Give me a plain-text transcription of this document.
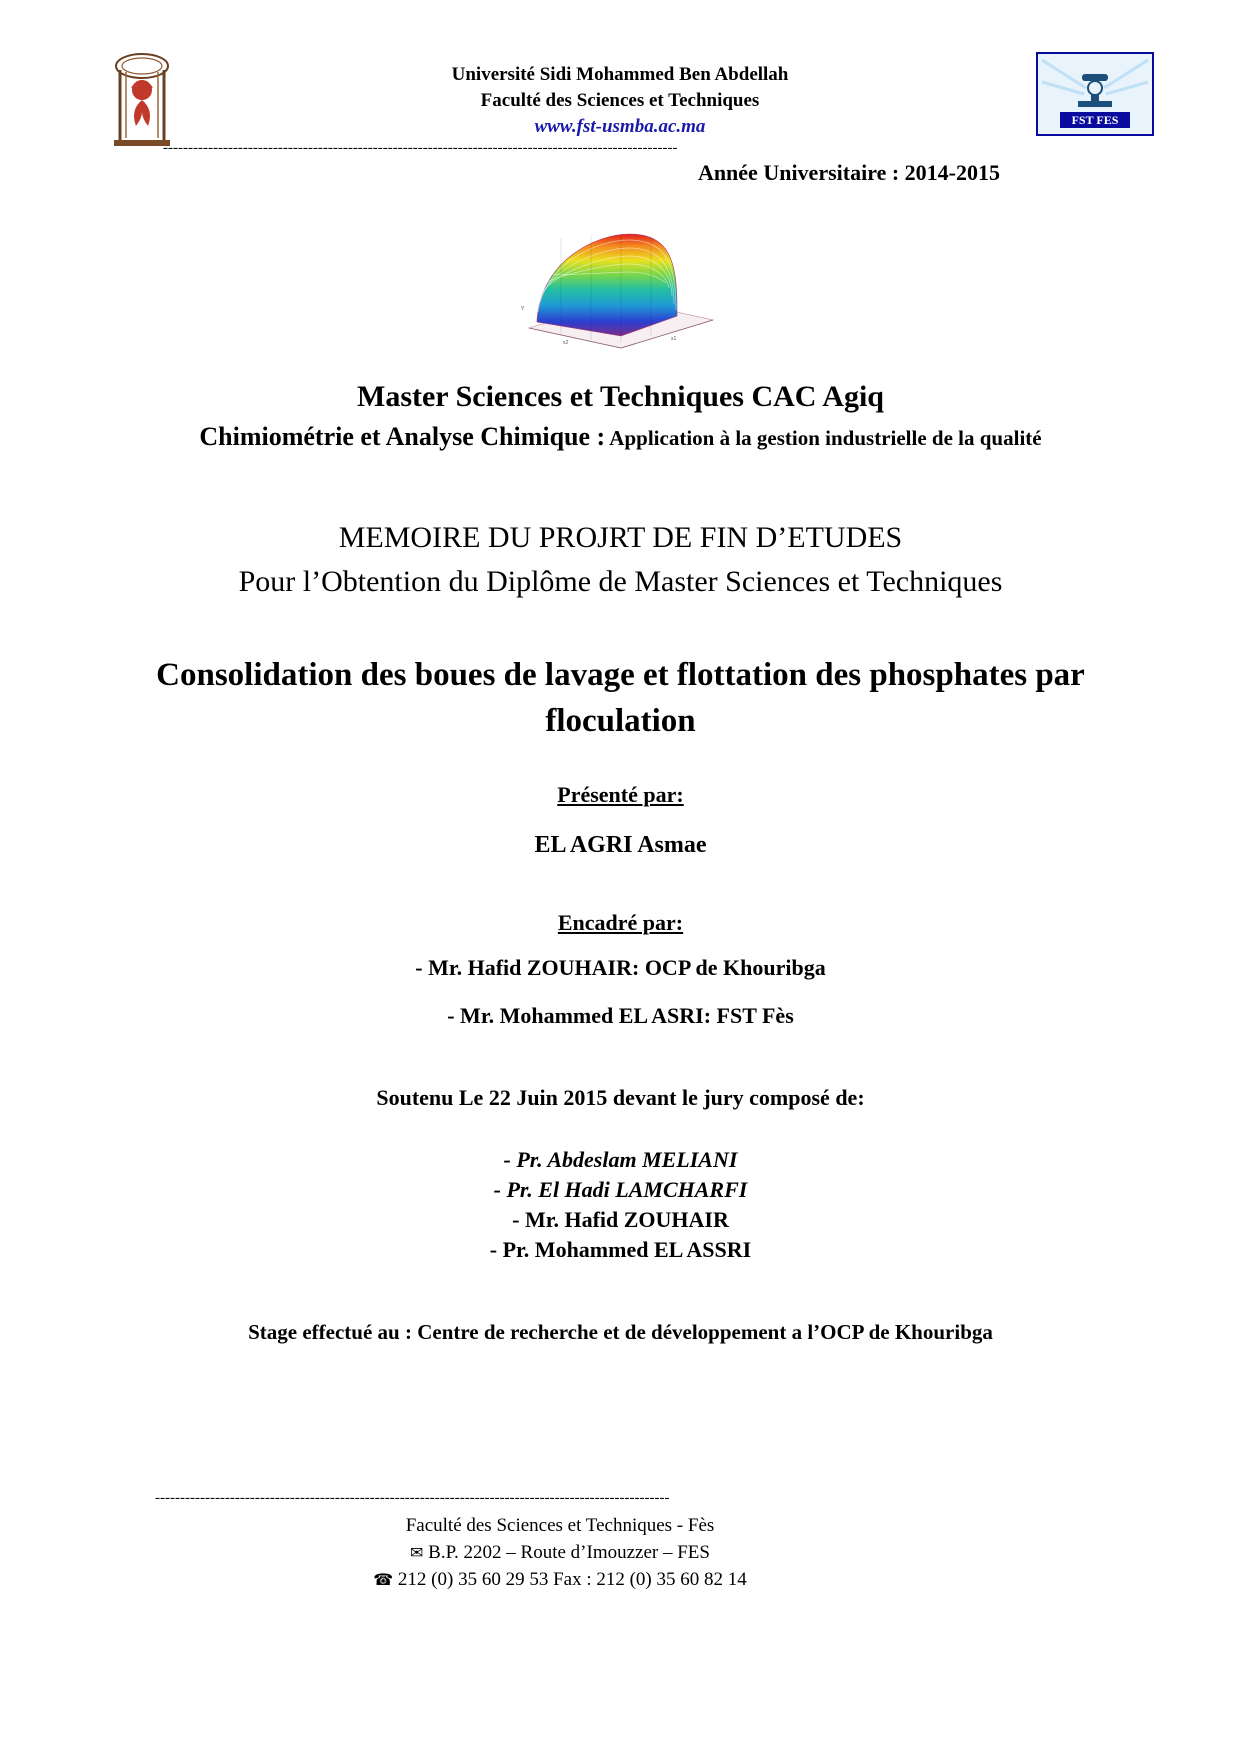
Université Sidi Mohammed Ben Abdellah
Faculté des Sciences et Techniques
www.fst-usmba.ac.ma	FST FES
-------------------------------------------------------------------------------------------------------
Année Universitaire : 2014-2015
x2
x1
Y
Master Sciences et Techniques CAC Agiq
Chimiométrie et Analyse Chimique : Application à la gestion industrielle de la qualité
MEMOIRE DU PROJRT DE FIN D’ETUDES
Pour l’Obtention du Diplôme de Master Sciences et Techniques
Consolidation des boues de lavage et flottation des phosphates par floculation
Présenté par:
EL AGRI Asmae
Encadré par:
- Mr. Hafid ZOUHAIR: OCP de Khouribga
- Mr. Mohammed EL ASRI: FST Fès
Soutenu Le 22 Juin 2015 devant le jury composé de:
- Pr. Abdeslam MELIANI
- Pr. El Hadi LAMCHARFI
- Mr. Hafid ZOUHAIR
- Pr. Mohammed EL ASSRI
Stage effectué au : Centre de recherche et de développement a l’OCP de Khouribga
-------------------------------------------------------------------------------------------------------
Faculté des Sciences et Techniques - Fès
✉ B.P. 2202 – Route d’Imouzzer – FES
☎ 212 (0) 35 60 29 53 Fax : 212 (0) 35 60 82 14
